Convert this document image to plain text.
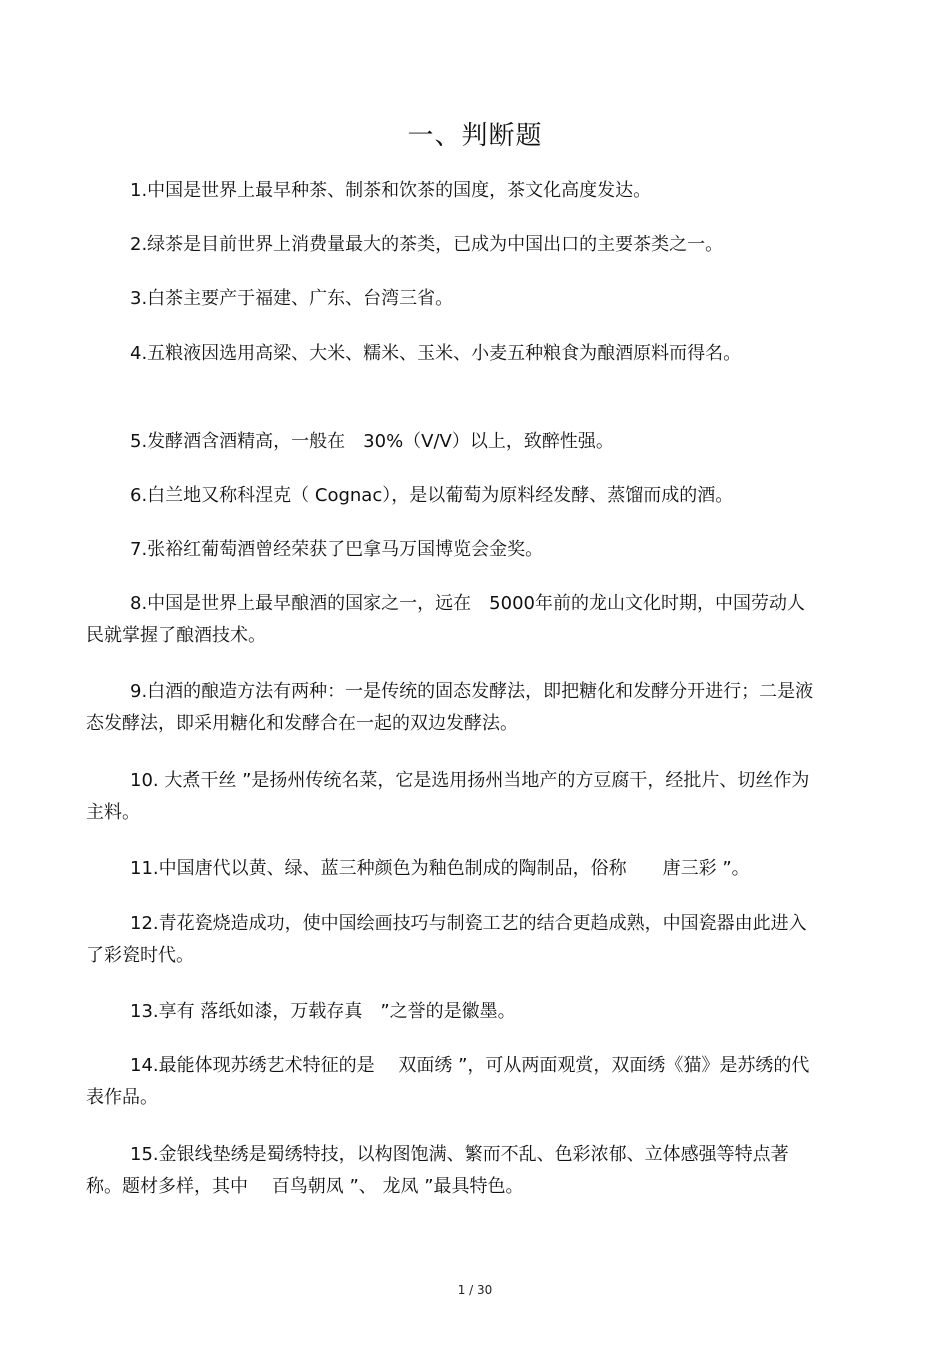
一、判断题

1.中国是世界上最早种茶、制茶和饮茶的国度，茶文化高度发达。

2.绿茶是目前世界上消费量最大的茶类，已成为中国出口的主要茶类之一。

3.白茶主要产于福建、广东、台湾三省。

4.五粮液因选用高梁、大米、糯米、玉米、小麦五种粮食为酿酒原料而得名。

5.发酵酒含酒精高，一般在　30%（V/V）以上，致醉性强。

6.白兰地又称科涅克（ Cognac），是以葡萄为原料经发酵、蒸馏而成的酒。

7.张裕红葡萄酒曾经荣获了巴拿马万国博览会金奖。

8.中国是世界上最早酿酒的国家之一，远在　5000年前的龙山文化时期，中国劳动人民就掌握了酿酒技术。

9.白酒的酿造方法有两种：一是传统的固态发酵法，即把糖化和发酵分开进行；二是液态发酵法，即采用糖化和发酵合在一起的双边发酵法。

10. 大煮干丝 ”是扬州传统名菜，它是选用扬州当地产的方豆腐干，经批片、切丝作为主料。

11.中国唐代以黄、绿、蓝三种颜色为釉色制成的陶制品，俗称　　唐三彩 ”。

12.青花瓷烧造成功，使中国绘画技巧与制瓷工艺的结合更趋成熟，中国瓷器由此进入了彩瓷时代。

13.享有 落纸如漆，万载存真　”之誉的是徽墨。

14.最能体现苏绣艺术特征的是　 双面绣 ”，可从两面观赏，双面绣《猫》是苏绣的代表作品。

15.金银线垫绣是蜀绣特技，以构图饱满、繁而不乱、色彩浓郁、立体感强等特点著称。题材多样，其中　 百鸟朝凤 ”、 龙凤 ”最具特色。

1 / 30
